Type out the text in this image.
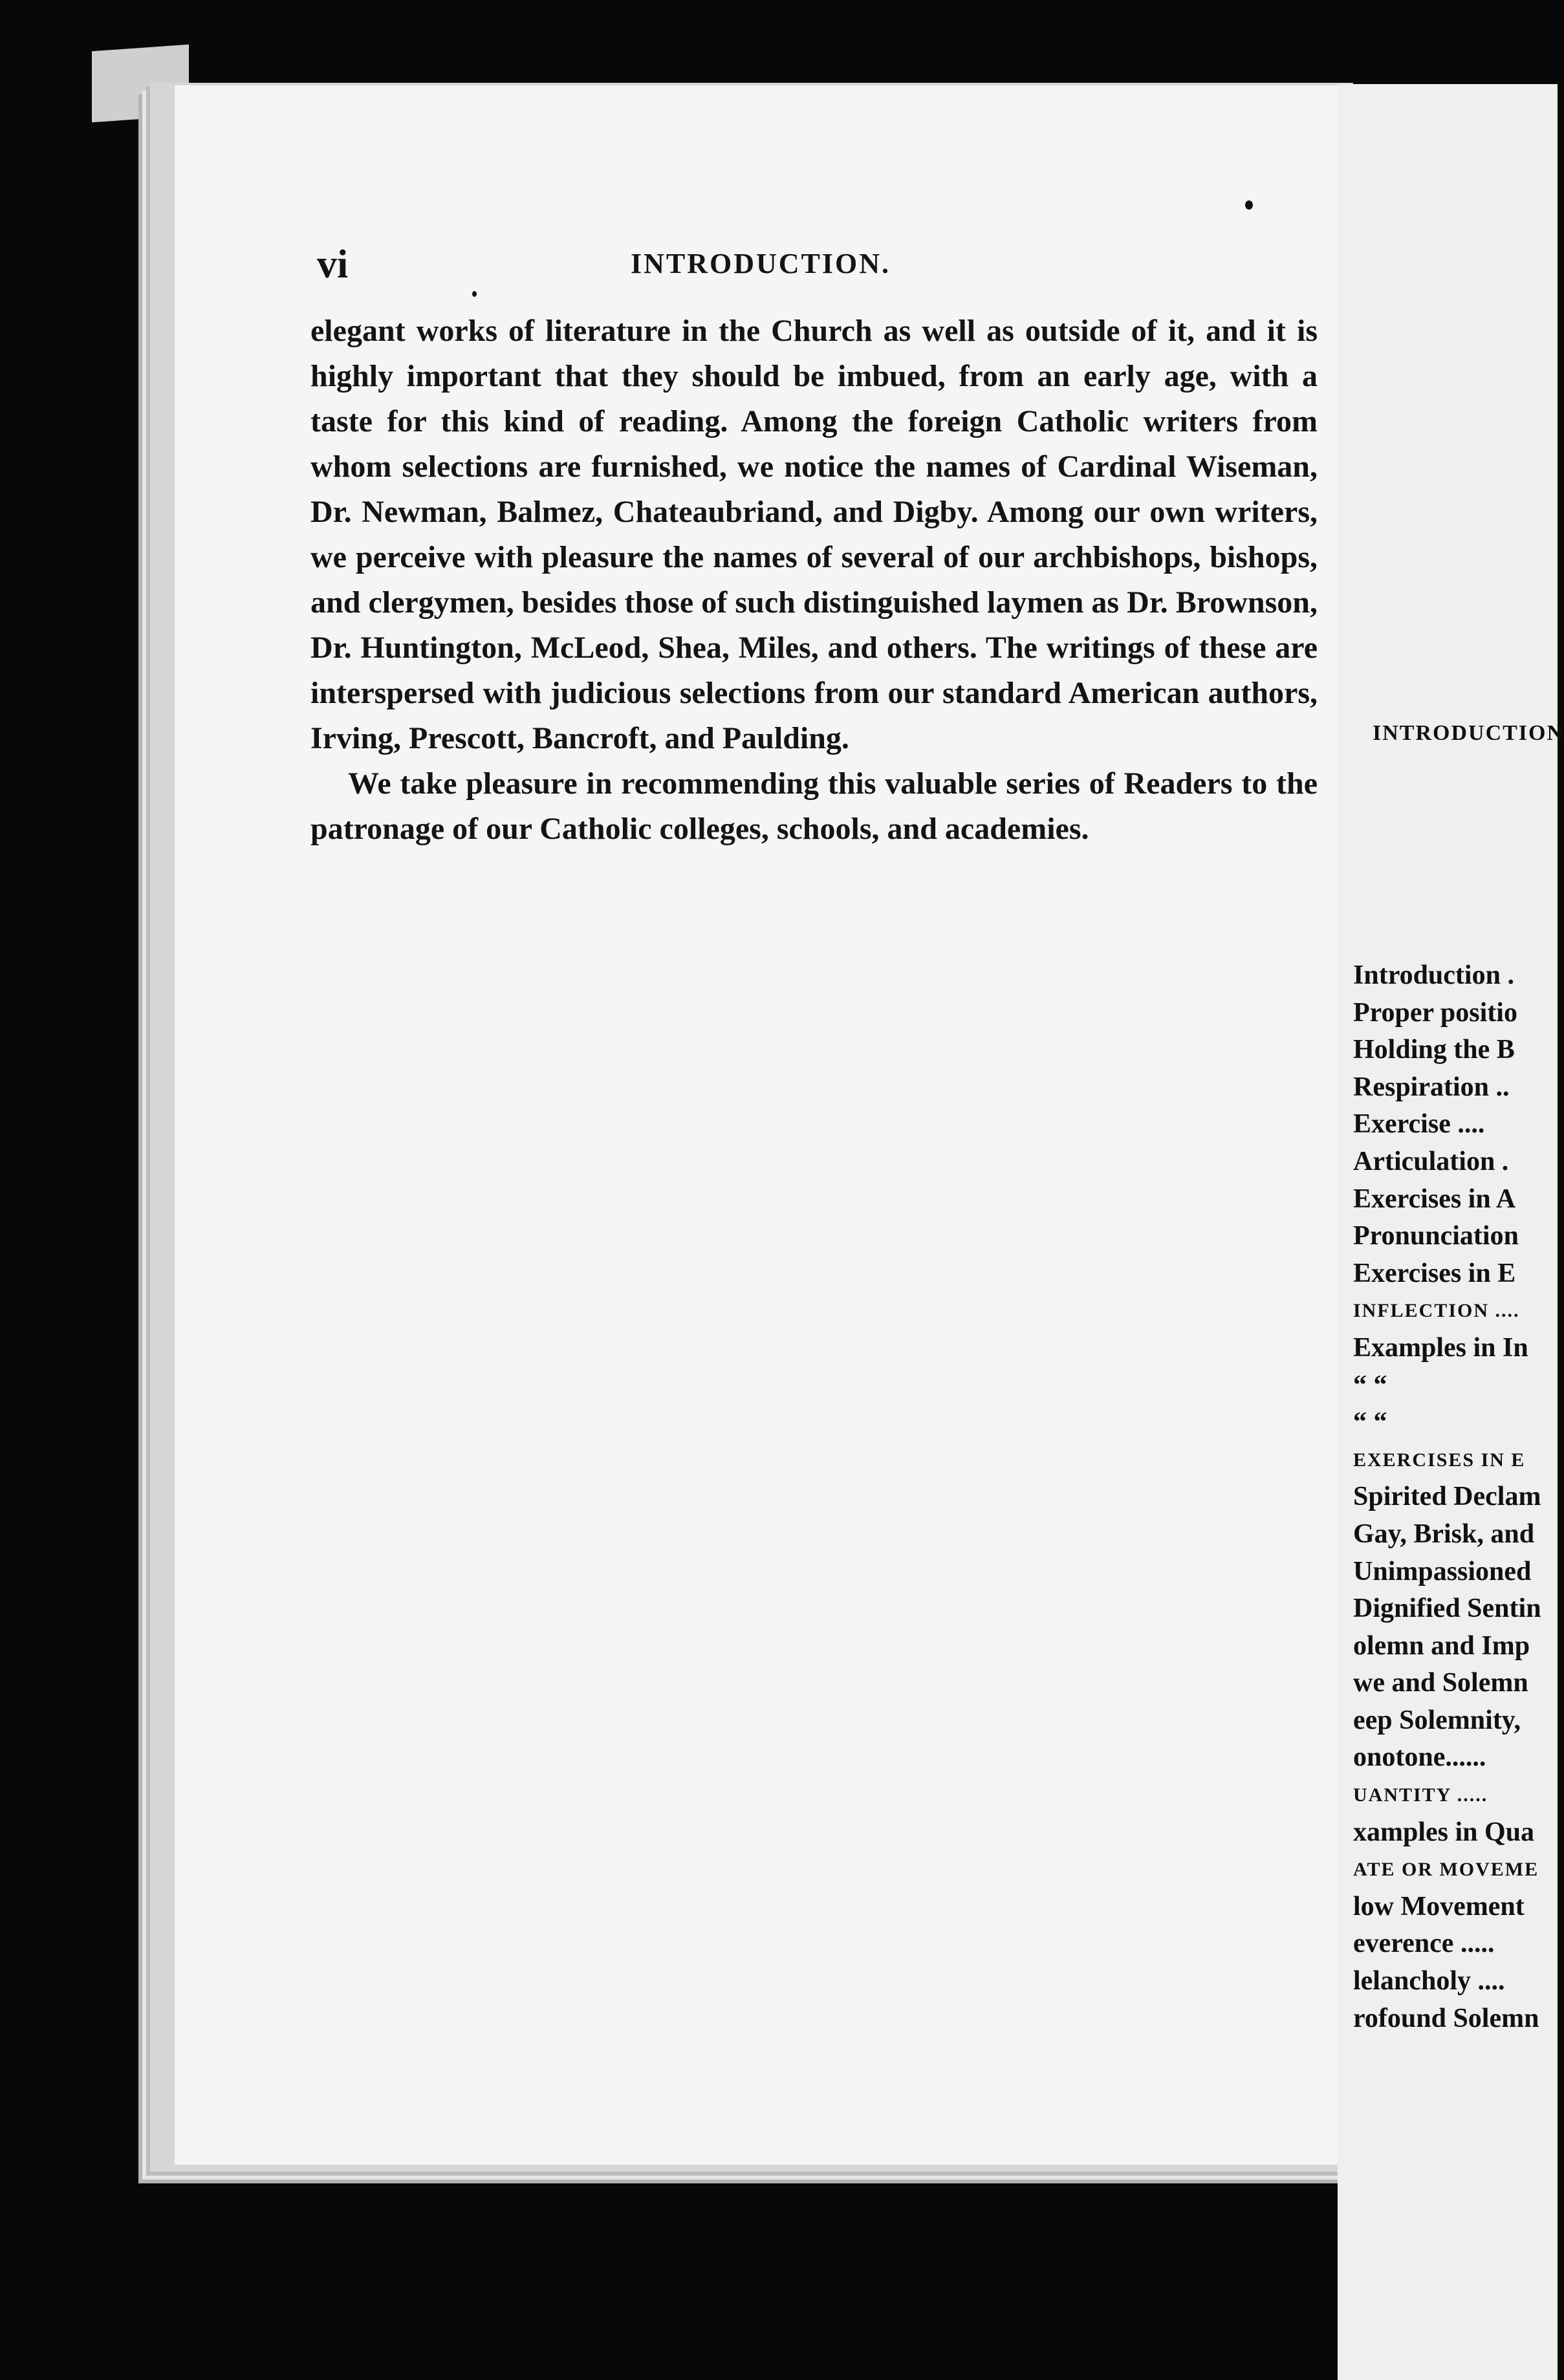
vi	INTRODUCTION.

elegant works of literature in the Church as well as outside of it, and it is highly important that they should be imbued, from an early age, with a taste for this kind of reading. Among the foreign Catholic writers from whom selections are furnished, we notice the names of Cardinal Wiseman, Dr. Newman, Balmez, Chateaubriand, and Digby. Among our own writers, we perceive with pleasure the names of several of our archbishops, bishops, and clergymen, besides those of such distinguished laymen as Dr. Brownson, Dr. Huntington, McLeod, Shea, Miles, and others. The writings of these are interspersed with judicious selections from our standard American authors, Irving, Prescott, Bancroft, and Paulding.

We take pleasure in recommending this valuable series of Readers to the patronage of our Catholic colleges, schools, and academies.

INTRODUCTION
Introduction .
Proper positio
Holding the B
Respiration ..
Exercise ....
Articulation .
Exercises in A
Pronunciation
Exercises in E
INFLECTION ....
Examples in In
“ “
“ “
EXERCISES IN E
Spirited Declam
Gay, Brisk, and
Unimpassioned
Dignified Sentin
olemn and Imp
we and Solemn
eep Solemnity,
onotone......
UANTITY .....
xamples in Qua
ATE OR MOVEME
low Movement
everence .....
lelancholy ....
rofound Solemn
